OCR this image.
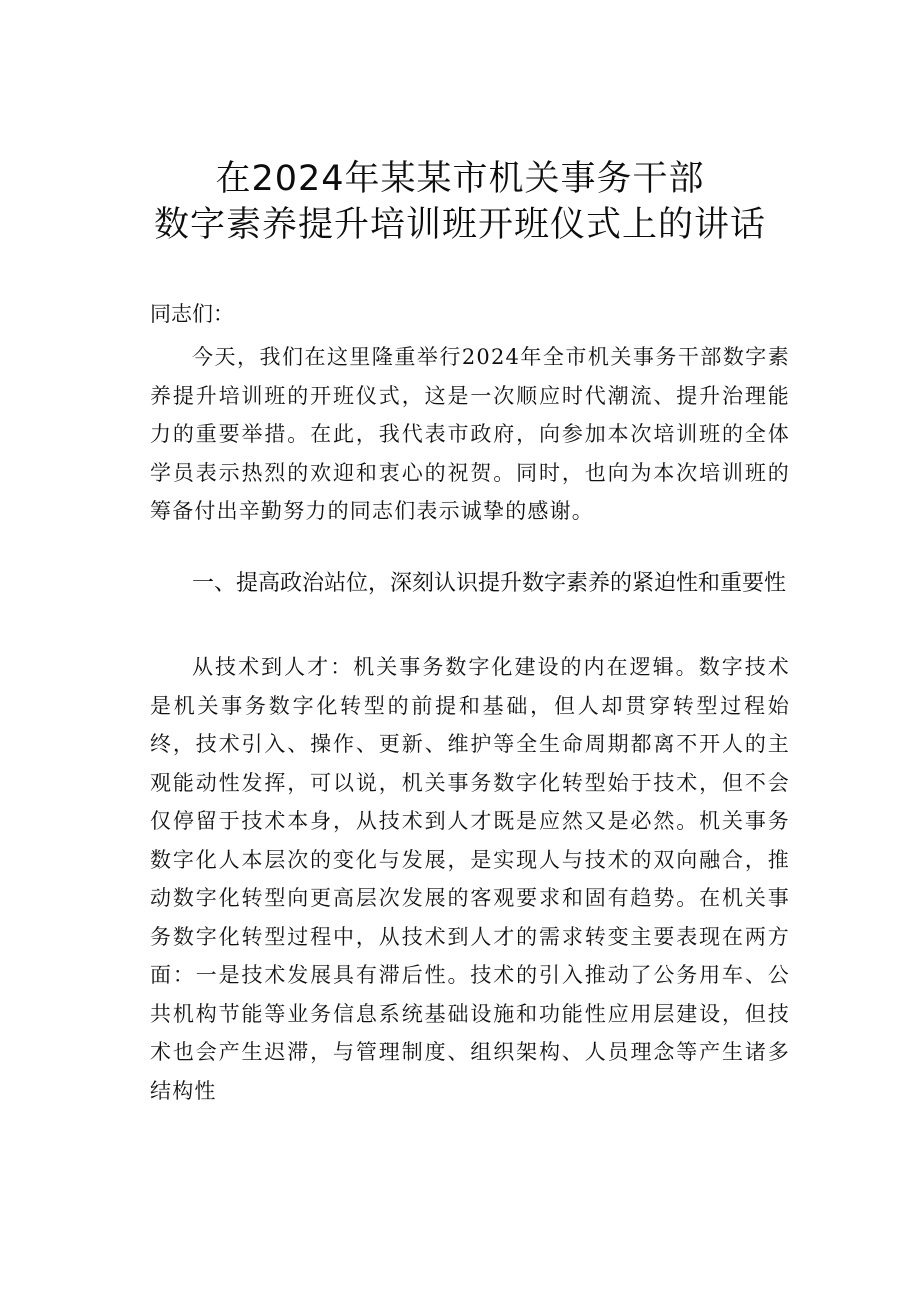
在2024年某某市机关事务干部
数字素养提升培训班开班仪式上的讲话
同志们：

今天，我们在这里隆重举行2024年全市机关事务干部数字素养提升培训班的开班仪式，这是一次顺应时代潮流、提升治理能力的重要举措。在此，我代表市政府，向参加本次培训班的全体学员表示热烈的欢迎和衷心的祝贺。同时，也向为本次培训班的筹备付出辛勤努力的同志们表示诚挚的感谢。

一、提高政治站位，深刻认识提升数字素养的紧迫性和重要性

从技术到人才：机关事务数字化建设的内在逻辑。数字技术是机关事务数字化转型的前提和基础，但人却贯穿转型过程始终，技术引入、操作、更新、维护等全生命周期都离不开人的主观能动性发挥，可以说，机关事务数字化转型始于技术，但不会仅停留于技术本身，从技术到人才既是应然又是必然。机关事务数字化人本层次的变化与发展，是实现人与技术的双向融合，推动数字化转型向更高层次发展的客观要求和固有趋势。在机关事务数字化转型过程中，从技术到人才的需求转变主要表现在两方面：一是技术发展具有滞后性。技术的引入推动了公务用车、公共机构节能等业务信息系统基础设施和功能性应用层建设，但技术也会产生迟滞，与管理制度、组织架构、人员理念等产生诸多结构性
